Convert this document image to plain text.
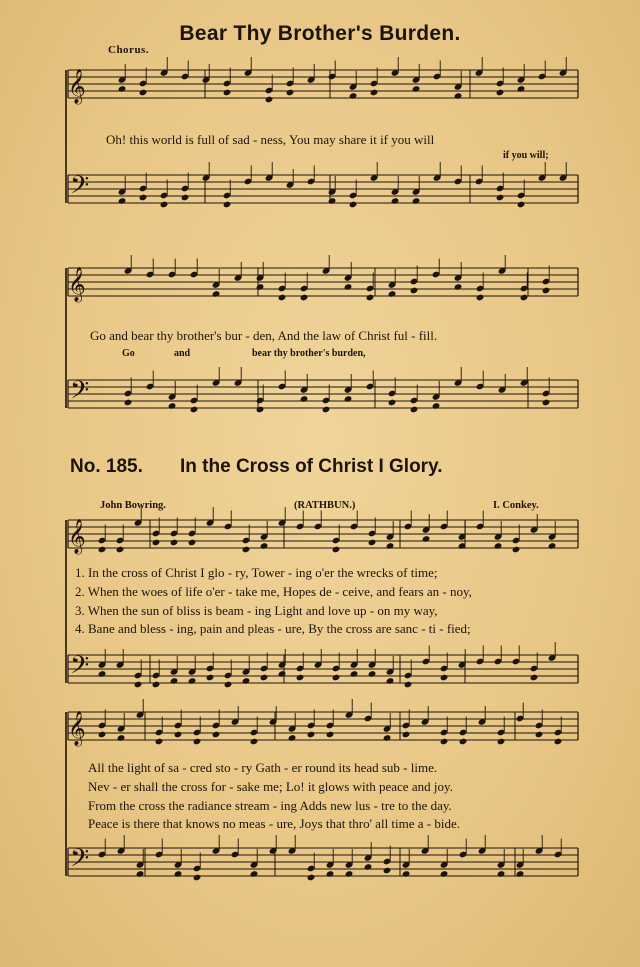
𝄞
𝄢
𝄞
𝄢
𝄞
𝄢
𝄞
𝄢
Bear Thy Brother's Burden.
Chorus.
Oh! this world is full of sad - ness, You may share it if you will
if you will;
Go and bear thy brother's bur - den, And the law of Christ ful - fill.
Go	and	bear thy brother's burden,
No. 185. In the Cross of Christ I Glory.
John Bowring.	(RATHBUN.)	I. Conkey.
1. In the cross of Christ I glo - ry, Tower - ing o'er the wrecks of time;
2. When the woes of life o'er - take me, Hopes de - ceive, and fears an - noy,
3. When the sun of bliss is beam - ing Light and love up - on my way,
4. Bane and bless - ing, pain and pleas - ure, By the cross are sanc - ti - fied;
All the light of sa - cred sto - ry Gath - er round its head sub - lime.
Nev - er shall the cross for - sake me; Lo! it glows with peace and joy.
From the cross the radiance stream - ing Adds new lus - tre to the day.
Peace is there that knows no meas - ure, Joys that thro' all time a - bide.
